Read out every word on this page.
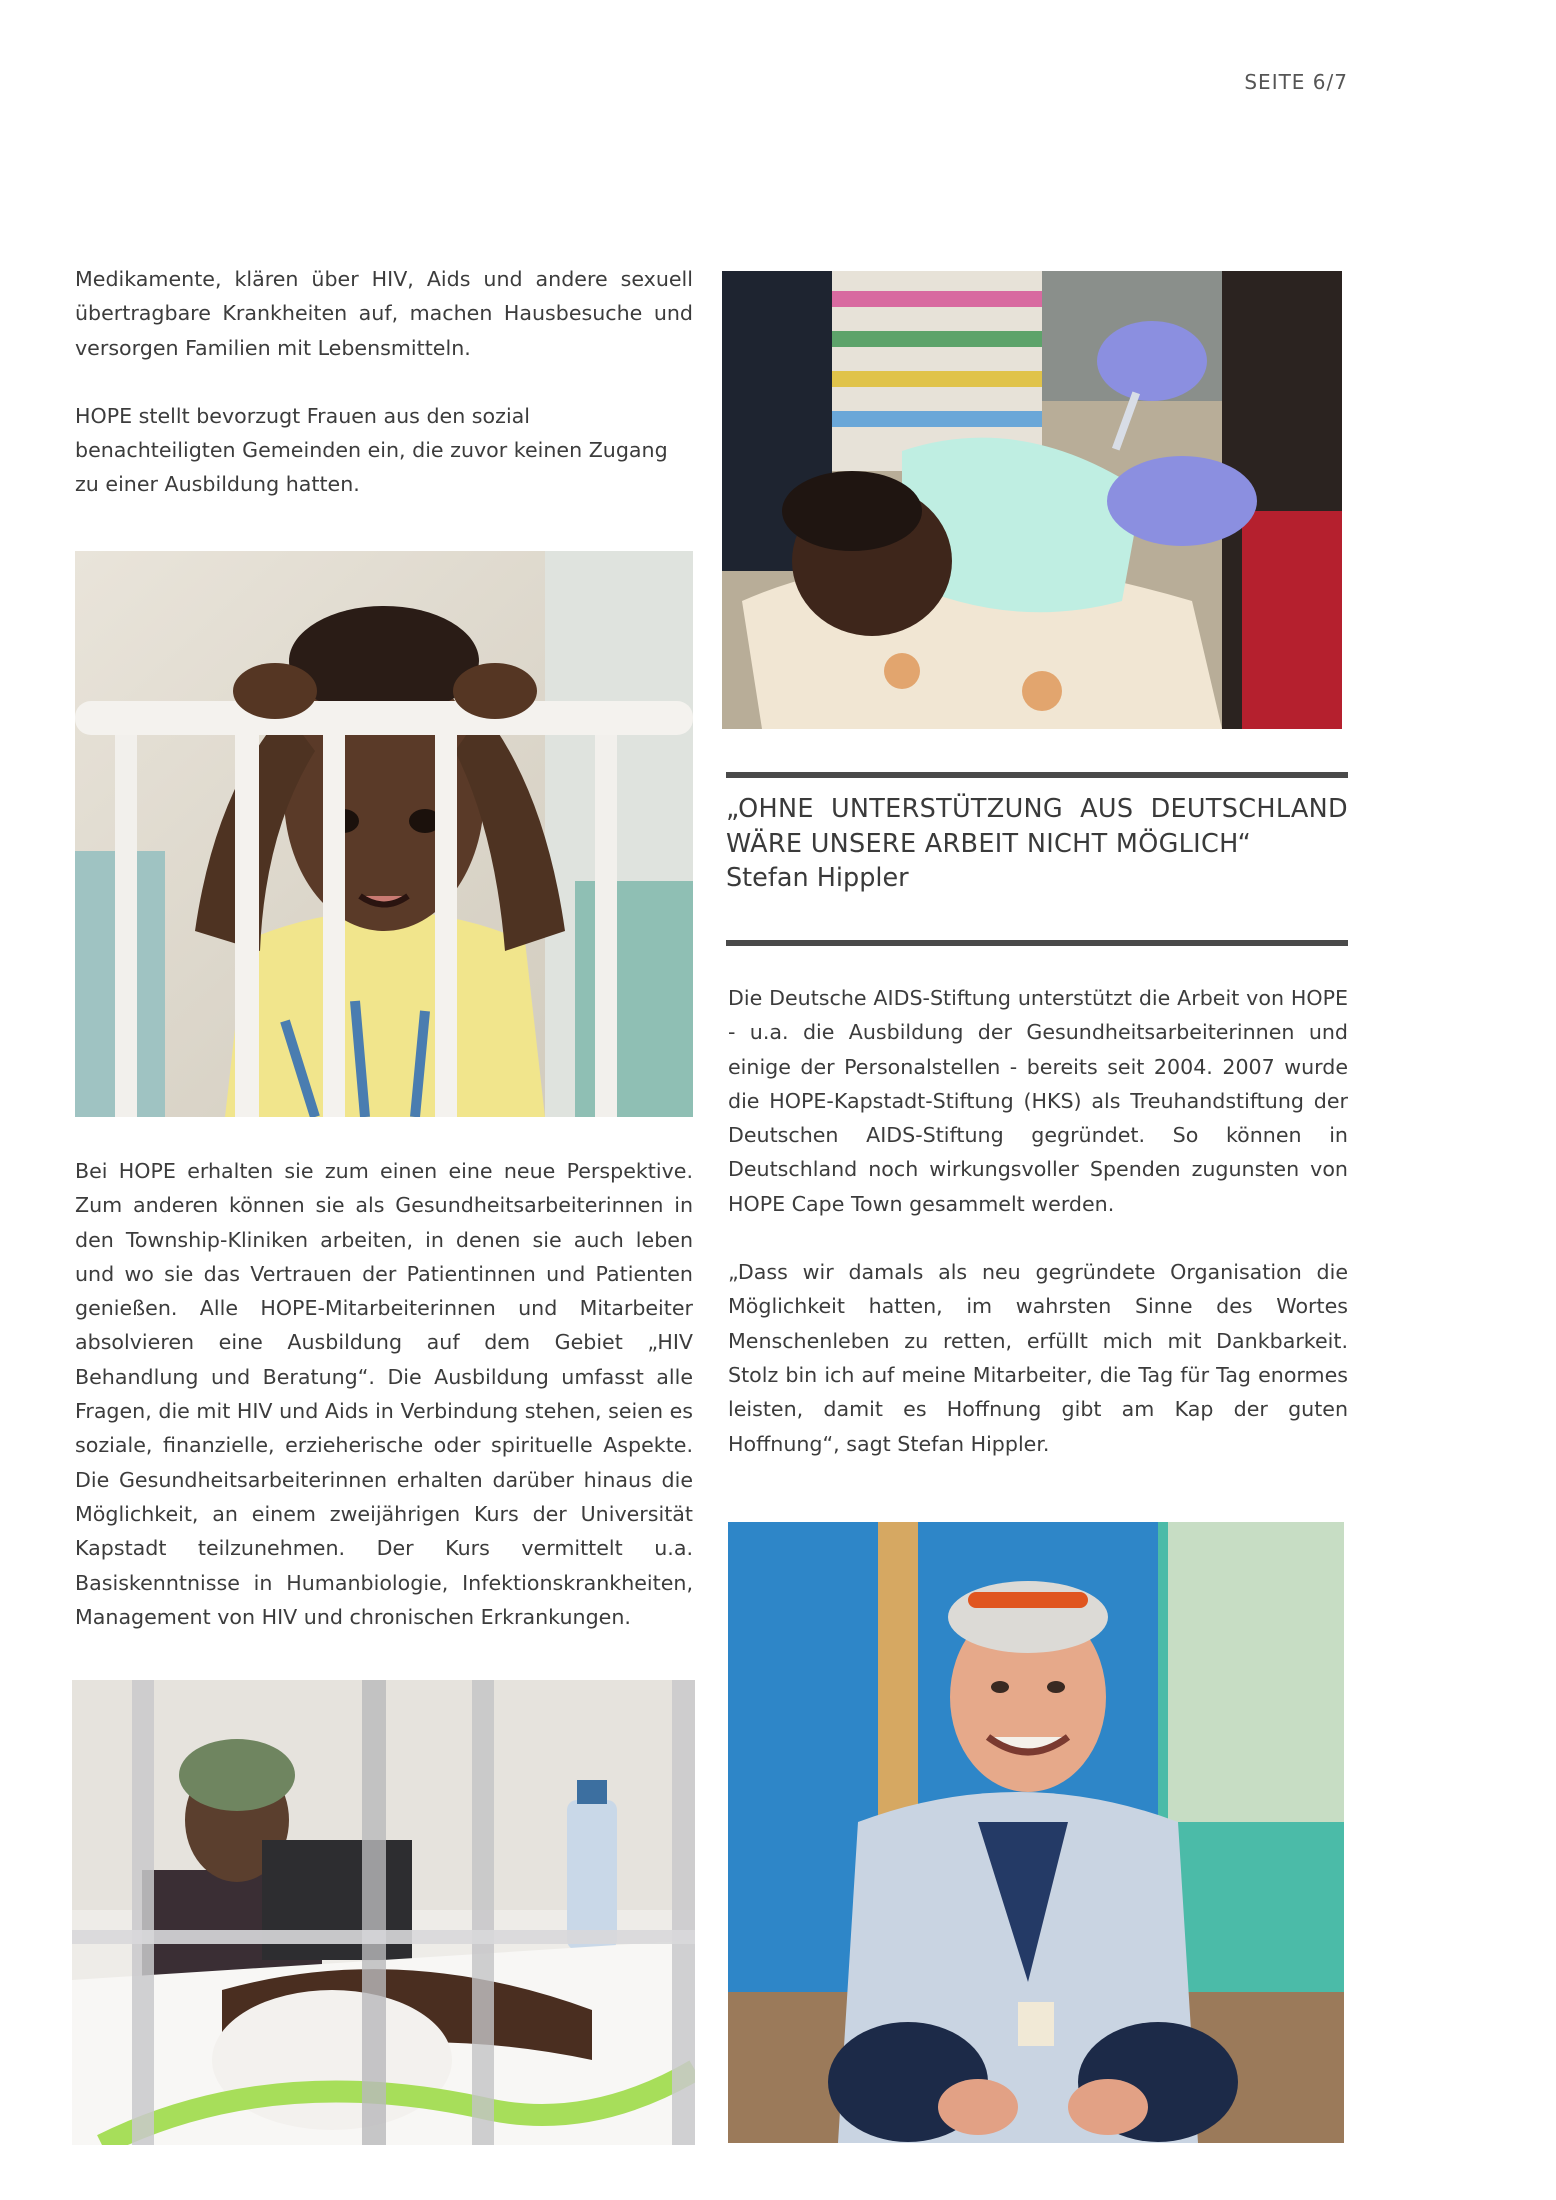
SEITE 6/7

Medikamente, klären über HIV, Aids und andere sexuell übertragbare Krankheiten auf, machen Hausbesuche und versorgen Familien mit Lebensmitteln.

HOPE stellt bevorzugt Frauen aus den sozial benachteiligten Gemeinden ein, die zuvor keinen Zugang zu einer Ausbildung hatten.

Bei HOPE erhalten sie zum einen eine neue Perspektive. Zum anderen können sie als Gesundheitsarbeiterinnen in den Township-Kliniken arbeiten, in denen sie auch leben und wo sie das Vertrauen der Patientinnen und Patienten genießen. Alle HOPE-Mitarbeiterinnen und Mitarbeiter absolvieren eine Ausbildung auf dem Gebiet „HIV Behandlung und Beratung“. Die Ausbildung umfasst alle Fragen, die mit HIV und Aids in Verbindung stehen, seien es soziale, finanzielle, erzieherische oder spirituelle Aspekte. Die Gesundheitsarbeiterinnen erhalten darüber hinaus die Möglichkeit, an einem zweijährigen Kurs der Universität Kapstadt teilzunehmen. Der Kurs vermittelt u.a. Basiskenntnisse in Humanbiologie, Infektionskrankheiten, Management von HIV und chronischen Erkrankungen.

„OHNE UNTERSTÜTZUNG AUS DEUTSCHLAND WÄRE UNSERE ARBEIT NICHT MÖGLICH“

Stefan Hippler

Die Deutsche AIDS-Stiftung unterstützt die Arbeit von HOPE - u.a. die Ausbildung der Gesundheitsarbeiterinnen und einige der Personalstellen - bereits seit 2004. 2007 wurde die HOPE-Kapstadt-Stiftung (HKS) als Treuhandstiftung der Deutschen AIDS-Stiftung gegründet. So können in Deutschland noch wirkungsvoller Spenden zugunsten von HOPE Cape Town gesammelt werden.

„Dass wir damals als neu gegründete Organisation die Möglichkeit hatten, im wahrsten Sinne des Wortes Menschenleben zu retten, erfüllt mich mit Dankbarkeit. Stolz bin ich auf meine Mitarbeiter, die Tag für Tag enormes leisten, damit es Hoffnung gibt am Kap der guten Hoffnung“, sagt Stefan Hippler.
